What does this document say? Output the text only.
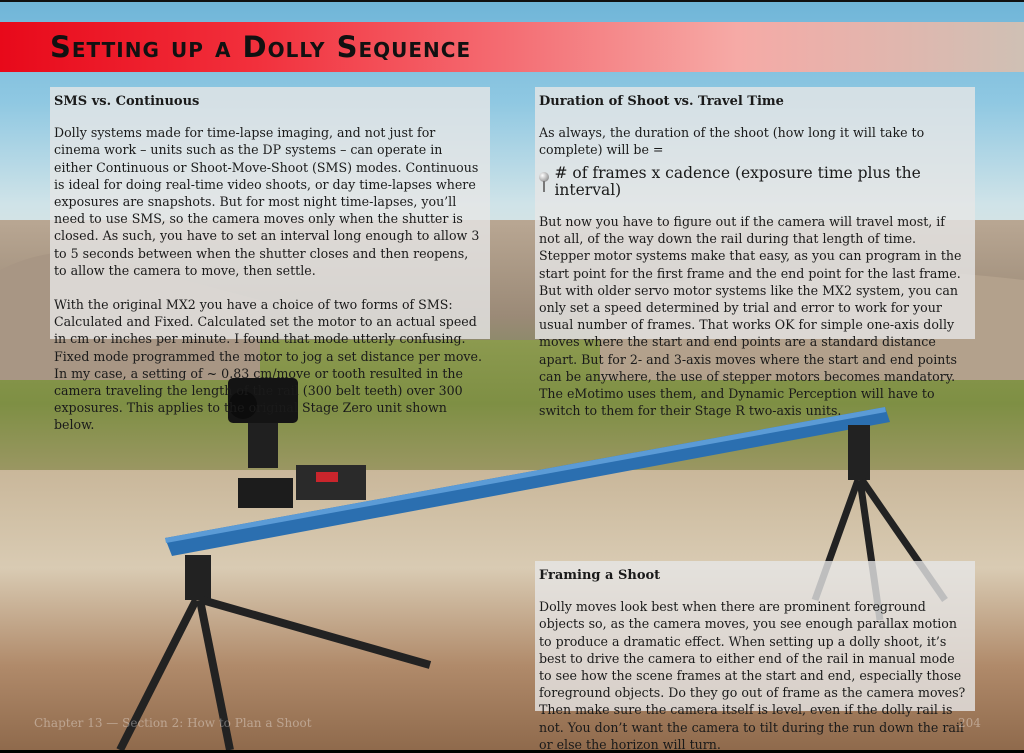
Setting up a Dolly Sequence
SMS vs. Continuous

Dolly systems made for time-lapse imaging, and not just for cinema work – units such as the DP systems – can operate in either Continuous or Shoot-Move-Shoot (SMS) modes. Continuous is ideal for doing real-time video shoots, or day time-lapses where exposures are snapshots. But for most night time-lapses, you’ll need to use SMS, so the camera moves only when the shutter is closed. As such, you have to set an interval long enough to allow 3 to 5 seconds between when the shutter closes and then reopens, to allow the camera to move, then settle.

With the original MX2 you have a choice of two forms of SMS: Calculated and Fixed. Calculated set the motor to an actual speed in cm or inches per minute. I found that mode utterly confusing. Fixed mode programmed the motor to jog a set distance per move. In my case, a setting of ~ 0.83 cm/move or tooth resulted in the camera traveling the length of the rail (300 belt teeth) over 300 exposures. This applies to the original Stage Zero unit shown below.

Duration of Shoot vs. Travel Time

As always, the duration of the shoot (how long it will take to complete) will be =

# of frames x cadence (exposure time plus the interval)

But now you have to figure out if the camera will travel most, if not all, of the way down the rail during that length of time. Stepper motor systems make that easy, as you can program in the start point for the first frame and the end point for the last frame. But with older servo motor systems like the MX2 system, you can only set a speed determined by trial and error to work for your usual number of frames. That works OK for simple one-axis dolly moves where the start and end points are a standard distance apart. But for 2- and 3-axis moves where the start and end points can be anywhere, the use of stepper motors becomes mandatory. The eMotimo uses them, and Dynamic Perception will have to switch to them for their Stage R two-axis units.

Framing a Shoot

Dolly moves look best when there are prominent foreground objects so, as the camera moves, you see enough parallax motion to produce a dramatic effect. When setting up a dolly shoot, it’s best to drive the camera to either end of the rail in manual mode to see how the scene frames at the start and end, especially those foreground objects. Do they go out of frame as the camera moves? Then make sure the camera itself is level, even if the dolly rail is not. You don’t want the camera to tilt during the run down the rail or else the horizon will turn.

Chapter 13 — Section 2: How to Plan a Shoot	204
